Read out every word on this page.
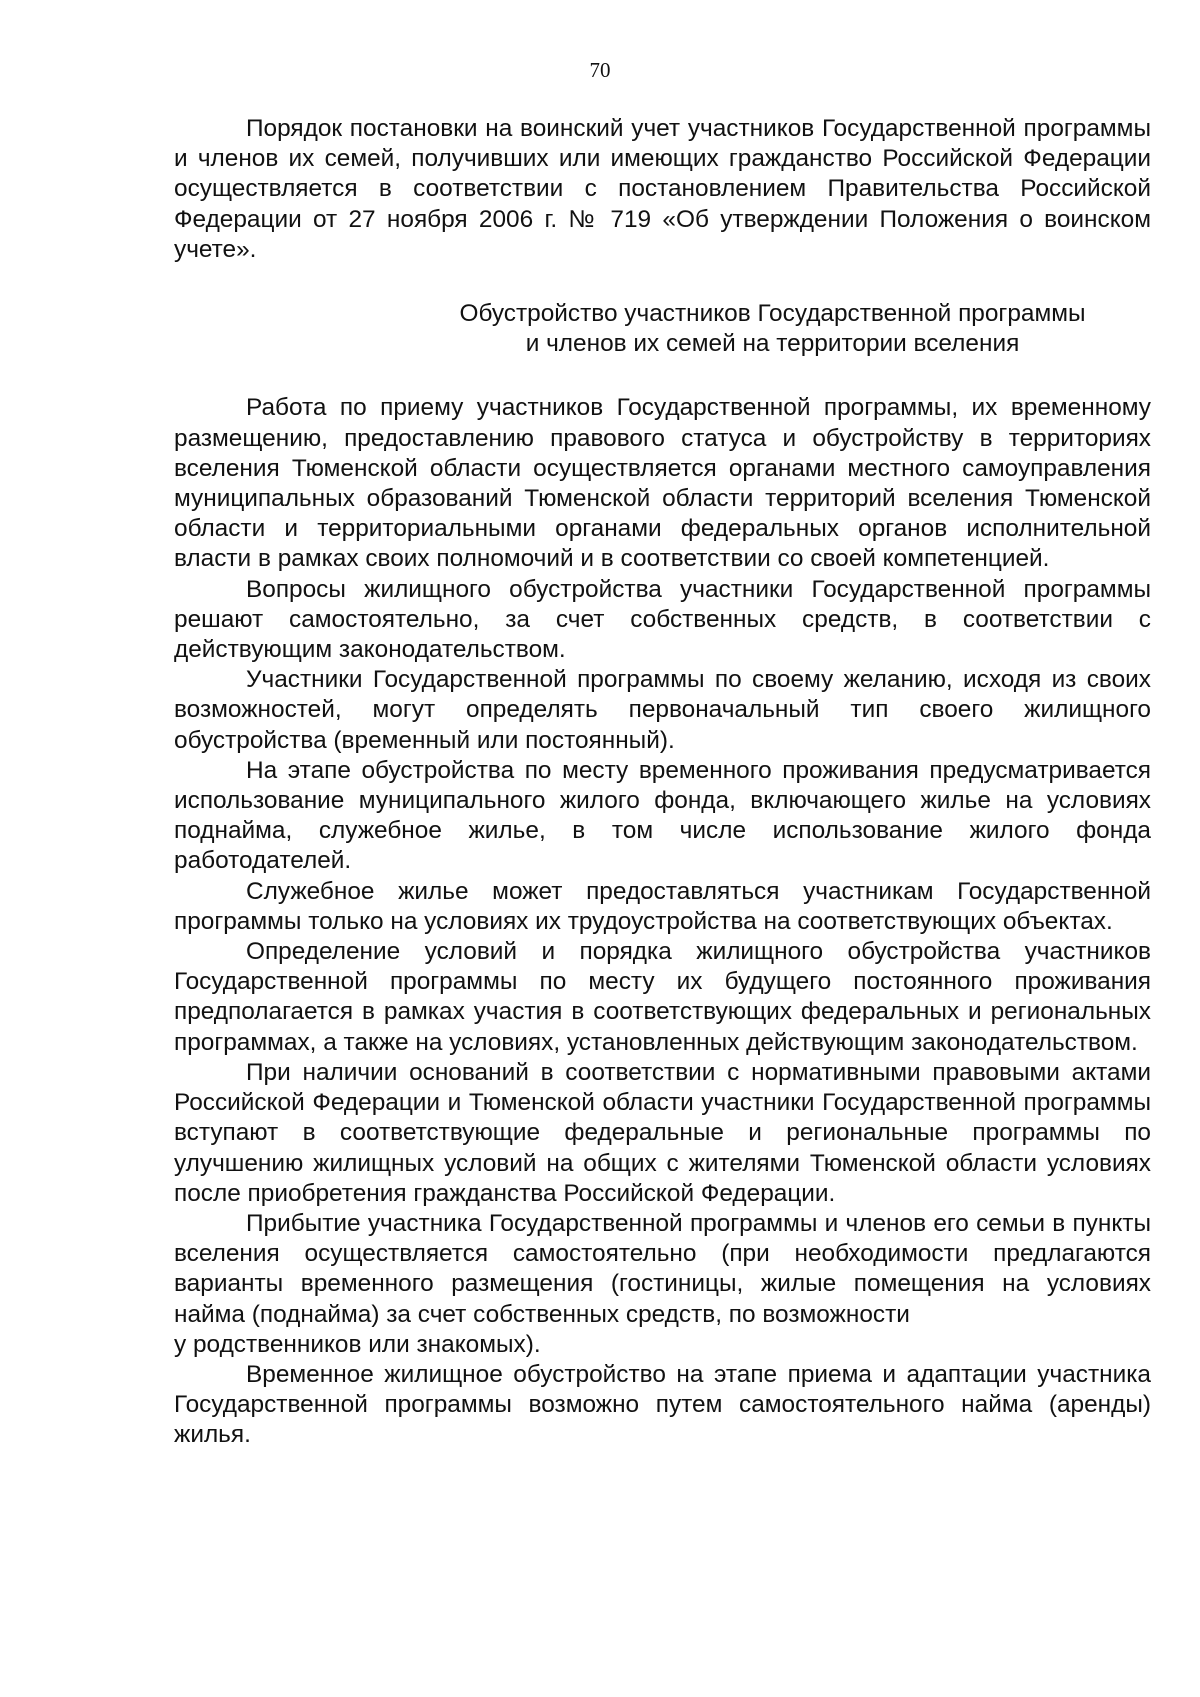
70

Порядок постановки на воинский учет участников Государственной программы и членов их семей, получивших или имеющих гражданство Российской Федерации осуществляется в соответствии с постановлением Правительства Российской Федерации от 27 ноября 2006 г. № 719 «Об утверждении Положения о воинском учете».

Обустройство участников Государственной программы
и членов их семей на территории вселения

Работа по приему участников Государственной программы, их временному размещению, предоставлению правового статуса и обустройству в территориях вселения Тюменской области осуществляется органами местного самоуправления муниципальных образований Тюменской области территорий вселения Тюменской области и территориальными органами федеральных органов исполнительной власти в рамках своих полномочий и в соответствии со своей компетенцией.

Вопросы жилищного обустройства участники Государственной программы решают самостоятельно, за счет собственных средств, в соответствии с действующим законодательством.

Участники Государственной программы по своему желанию, исходя из своих возможностей, могут определять первоначальный тип своего жилищного обустройства (временный или постоянный).

На этапе обустройства по месту временного проживания предусматривается использование муниципального жилого фонда, включающего жилье на условиях поднайма, служебное жилье, в том числе использование жилого фонда работодателей.

Служебное жилье может предоставляться участникам Государственной программы только на условиях их трудоустройства на соответствующих объектах.

Определение условий и порядка жилищного обустройства участников Государственной программы по месту их будущего постоянного проживания предполагается в рамках участия в соответствующих федеральных и региональных программах, а также на условиях, установленных действующим законодательством.

При наличии оснований в соответствии с нормативными правовыми актами Российской Федерации и Тюменской области участники Государственной программы вступают в соответствующие федеральные и региональные программы по улучшению жилищных условий на общих с жителями Тюменской области условиях после приобретения гражданства Российской Федерации.

Прибытие участника Государственной программы и членов его семьи в пункты вселения осуществляется самостоятельно (при необходимости предлагаются варианты временного размещения (гостиницы, жилые помещения на условиях найма (поднайма) за счет собственных средств, по возможности

у родственников или знакомых).

Временное жилищное обустройство на этапе приема и адаптации участника Государственной программы возможно путем самостоятельного найма (аренды) жилья.
